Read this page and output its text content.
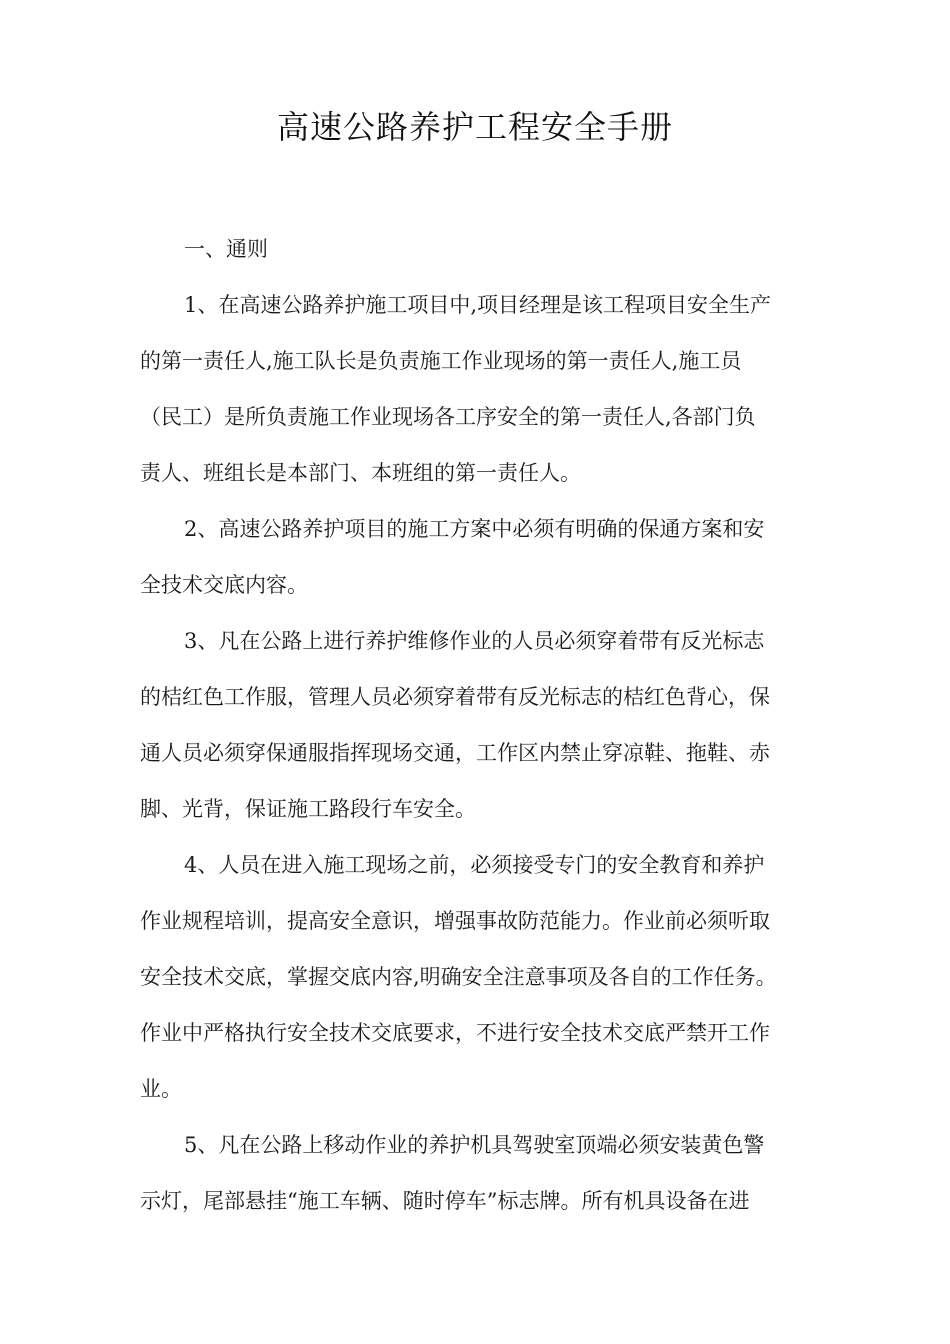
高速公路养护工程安全手册
一、通则
1、在高速公路养护施工项目中,项目经理是该工程项目安全生产
的第一责任人,施工队长是负责施工作业现场的第一责任人,施工员
（民工）是所负责施工作业现场各工序安全的第一责任人,各部门负
责人、班组长是本部门、本班组的第一责任人。
2、高速公路养护项目的施工方案中必须有明确的保通方案和安
全技术交底内容。
3、凡在公路上进行养护维修作业的人员必须穿着带有反光标志
的桔红色工作服，管理人员必须穿着带有反光标志的桔红色背心，保
通人员必须穿保通服指挥现场交通，工作区内禁止穿凉鞋、拖鞋、赤
脚、光背，保证施工路段行车安全。
4、人员在进入施工现场之前，必须接受专门的安全教育和养护
作业规程培训，提高安全意识，增强事故防范能力。作业前必须听取
安全技术交底，掌握交底内容,明确安全注意事项及各自的工作任务。
作业中严格执行安全技术交底要求，不进行安全技术交底严禁开工作
业。
5、凡在公路上移动作业的养护机具驾驶室顶端必须安装黄色警
示灯，尾部悬挂“施工车辆、随时停车”标志牌。所有机具设备在进
